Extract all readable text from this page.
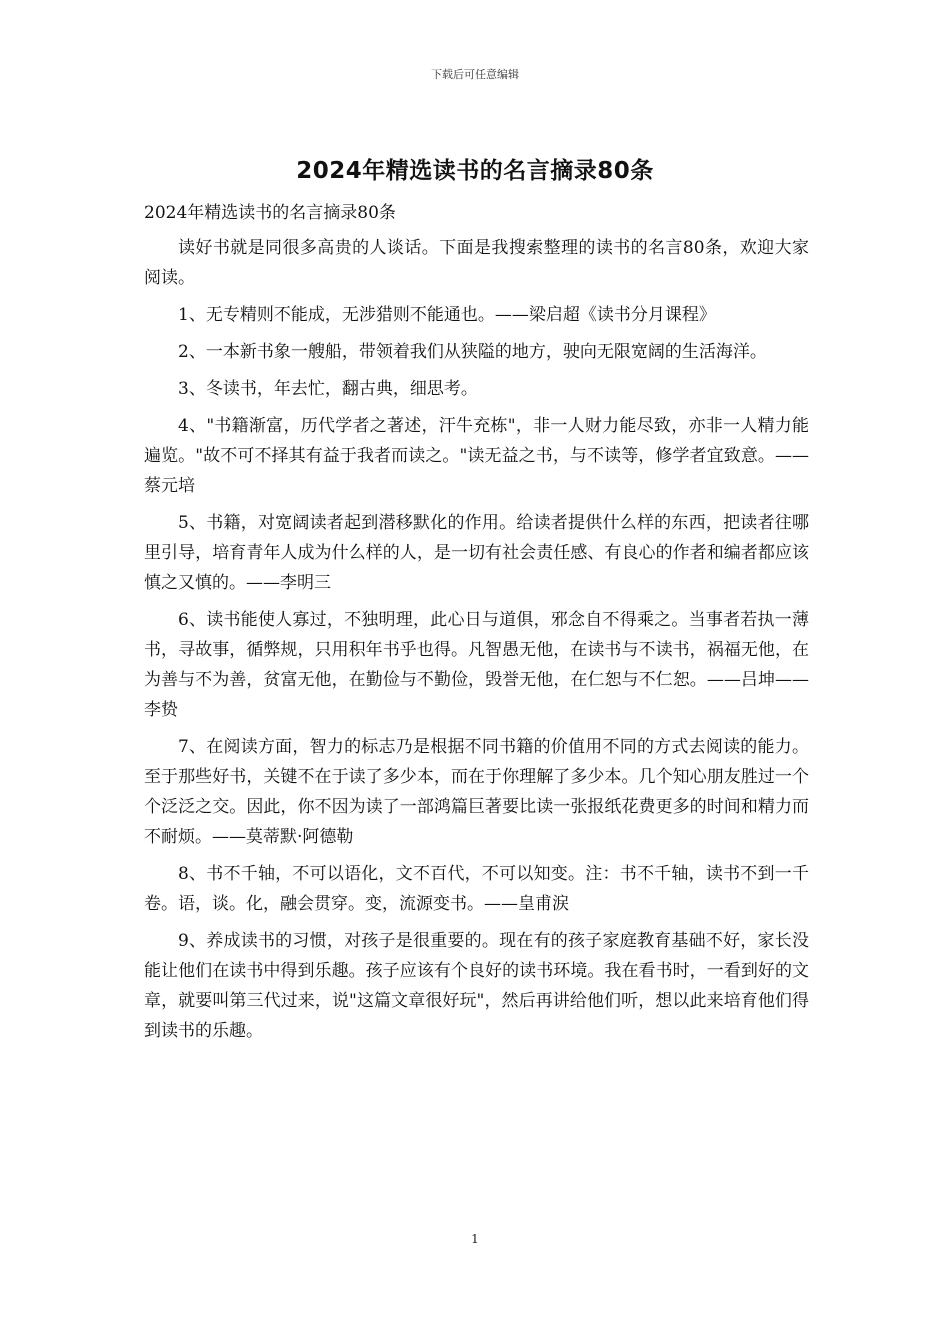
下载后可任意编辑
2024年精选读书的名言摘录80条

2024年精选读书的名言摘录80条

读好书就是同很多高贵的人谈话。下面是我搜索整理的读书的名言80条，欢迎大家阅读。

1、无专精则不能成，无涉猎则不能通也。——梁启超《读书分月课程》

2、一本新书象一艘船，带领着我们从狭隘的地方，驶向无限宽阔的生活海洋。

3、冬读书，年去忙，翻古典，细思考。

4、"书籍渐富，历代学者之著述，汗牛充栋"，非一人财力能尽致，亦非一人精力能遍览。"故不可不择其有益于我者而读之。"读无益之书，与不读等，修学者宜致意。——蔡元培

5、书籍，对宽阔读者起到潜移默化的作用。给读者提供什么样的东西，把读者往哪里引导，培育青年人成为什么样的人，是一切有社会责任感、有良心的作者和编者都应该慎之又慎的。——李明三

6、读书能使人寡过，不独明理，此心日与道俱，邪念自不得乘之。当事者若执一薄书，寻故事，循弊规，只用积年书乎也得。凡智愚无他，在读书与不读书，祸福无他，在为善与不为善，贫富无他，在勤俭与不勤俭，毁誉无他，在仁恕与不仁恕。——吕坤——李贽

7、在阅读方面，智力的标志乃是根据不同书籍的价值用不同的方式去阅读的能力。至于那些好书，关键不在于读了多少本，而在于你理解了多少本。几个知心朋友胜过一个个泛泛之交。因此，你不因为读了一部鸿篇巨著要比读一张报纸花费更多的时间和精力而不耐烦。——莫蒂默·阿德勒

8、书不千轴，不可以语化，文不百代，不可以知变。注：书不千轴，读书不到一千卷。语，谈。化，融会贯穿。变，流源变书。——皇甫涙

9、养成读书的习惯，对孩子是很重要的。现在有的孩子家庭教育基础不好，家长没能让他们在读书中得到乐趣。孩子应该有个良好的读书环境。我在看书时，一看到好的文章，就要叫第三代过来，说"这篇文章很好玩"，然后再讲给他们听，想以此来培育他们得到读书的乐趣。

1
